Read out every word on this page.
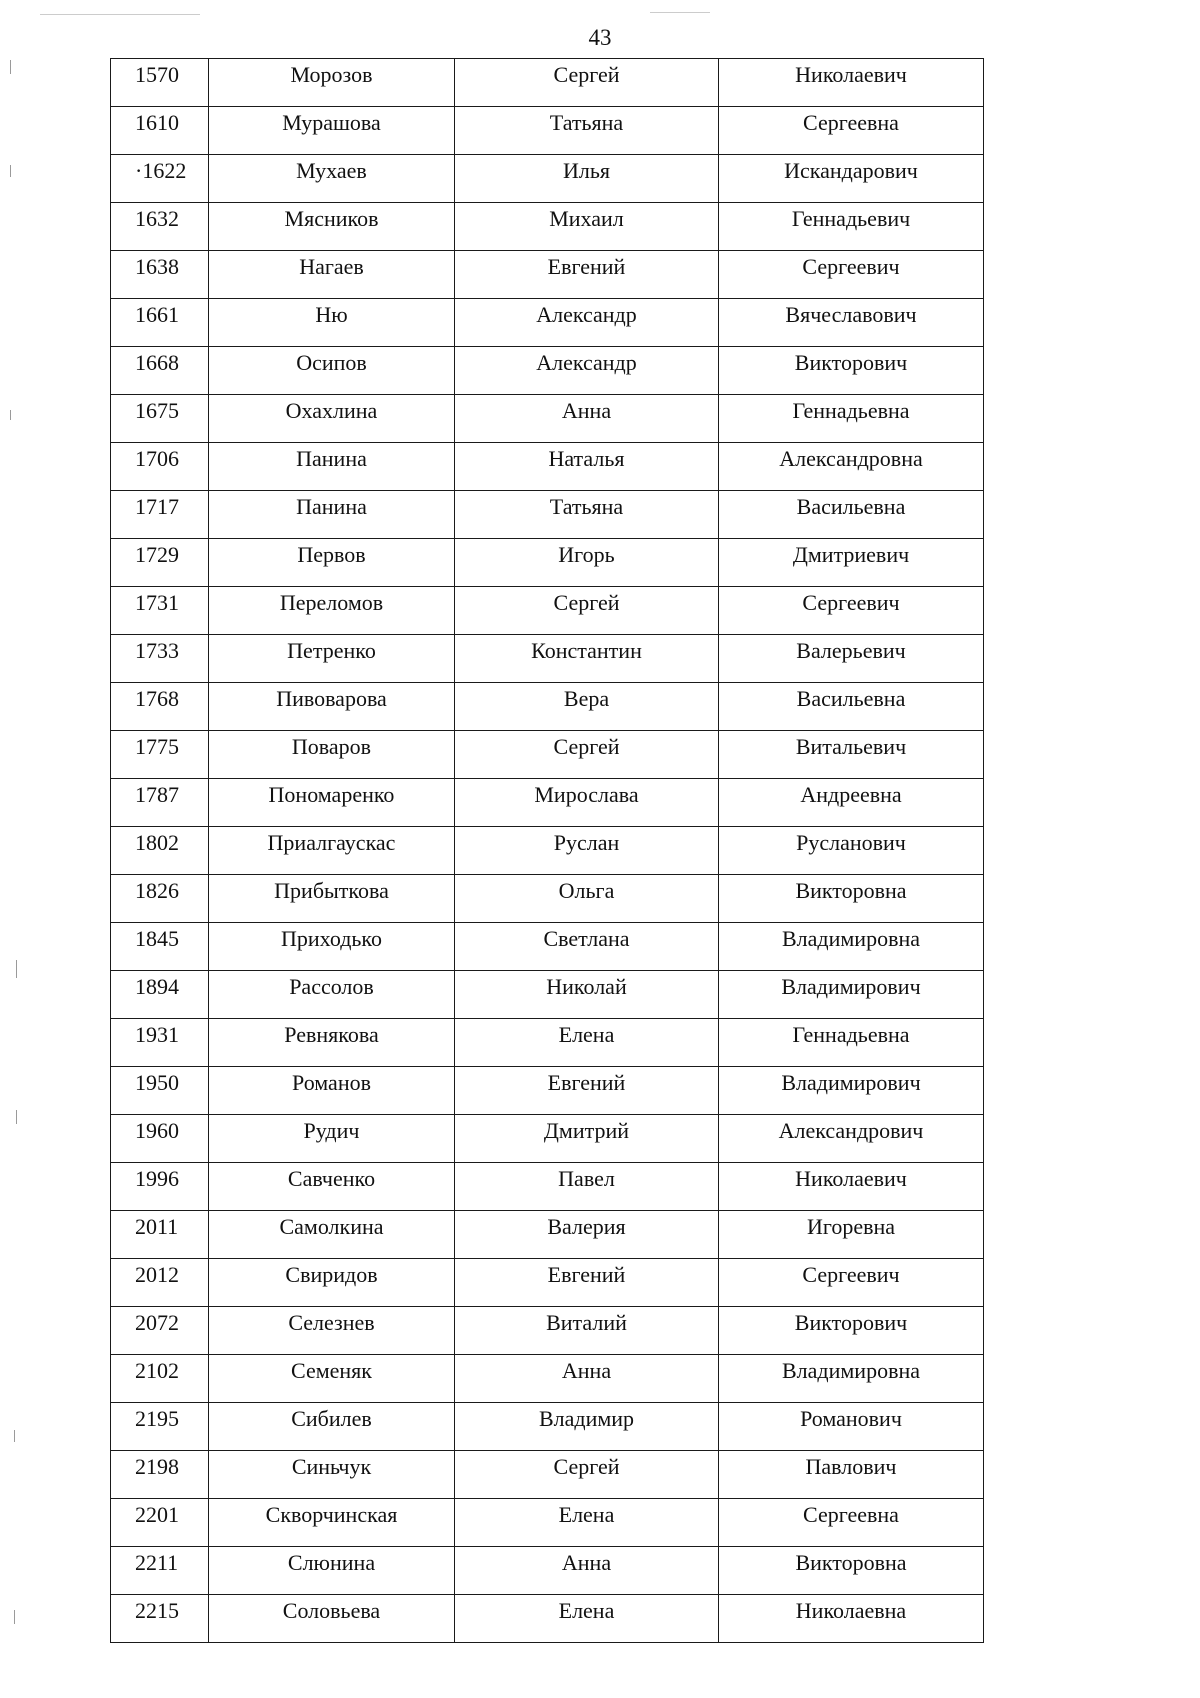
43
1570	Морозов	Сергей	Николаевич
1610	Мурашова	Татьяна	Сергеевна
·1622	Мухаев	Илья	Искандарович
1632	Мясников	Михаил	Геннадьевич
1638	Нагаев	Евгений	Сергеевич
1661	Ню	Александр	Вячеславович
1668	Осипов	Александр	Викторович
1675	Охахлина	Анна	Геннадьевна
1706	Панина	Наталья	Александровна
1717	Панина	Татьяна	Васильевна
1729	Первов	Игорь	Дмитриевич
1731	Переломов	Сергей	Сергеевич
1733	Петренко	Константин	Валерьевич
1768	Пивоварова	Вера	Васильевна
1775	Поваров	Сергей	Витальевич
1787	Пономаренко	Мирослава	Андреевна
1802	Приалгаускас	Руслан	Русланович
1826	Прибыткова	Ольга	Викторовна
1845	Приходько	Светлана	Владимировна
1894	Рассолов	Николай	Владимирович
1931	Ревнякова	Елена	Геннадьевна
1950	Романов	Евгений	Владимирович
1960	Рудич	Дмитрий	Александрович
1996	Савченко	Павел	Николаевич
2011	Самолкина	Валерия	Игоревна
2012	Свиридов	Евгений	Сергеевич
2072	Селезнев	Виталий	Викторович
2102	Семеняк	Анна	Владимировна
2195	Сибилев	Владимир	Романович
2198	Синьчук	Сергей	Павлович
2201	Скворчинская	Елена	Сергеевна
2211	Слюнина	Анна	Викторовна
2215	Соловьева	Елена	Николаевна
